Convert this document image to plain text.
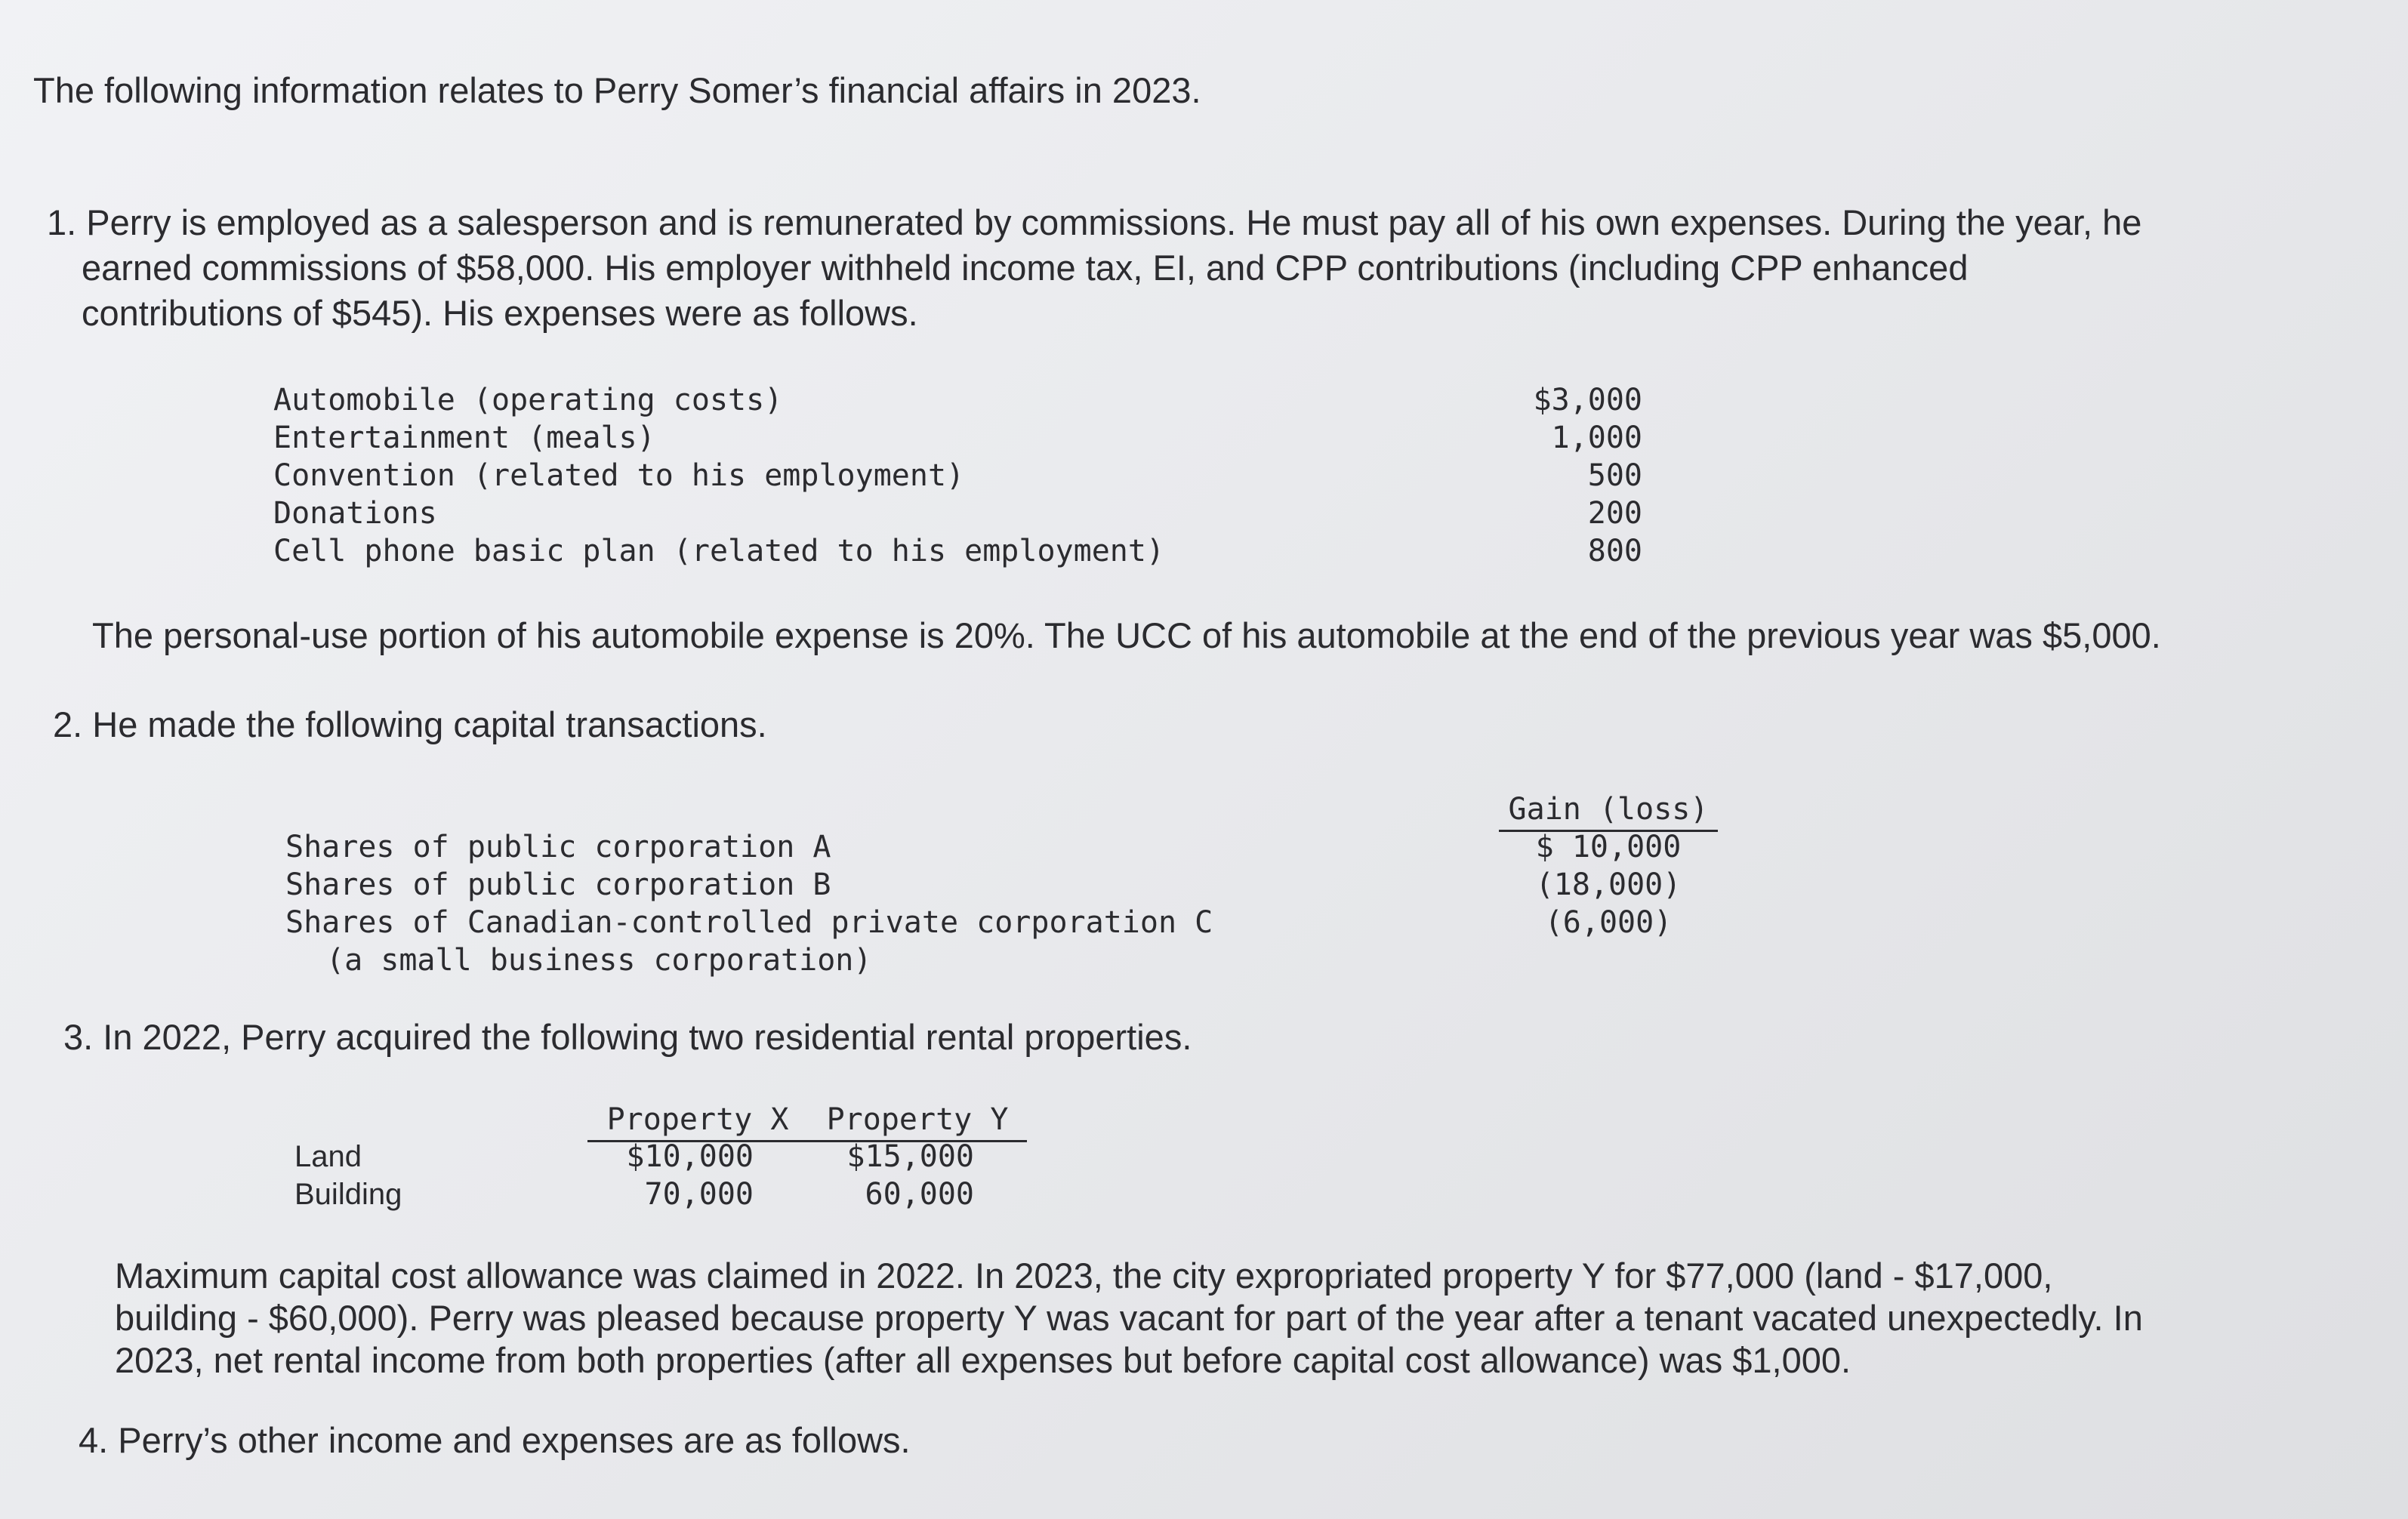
The following information relates to Perry Somer’s financial affairs in 2023.
1. Perry is employed as a salesperson and is remunerated by commissions. He must pay all of his own expenses. During the year, he
earned commissions of $58,000. His employer withheld income tax, EI, and CPP contributions (including CPP enhanced
contributions of $545). His expenses were as follows.
Automobile (operating costs)
Entertainment (meals)
Convention (related to his employment)
Donations
Cell phone basic plan (related to his employment)
$3,000
1,000
500
200
800
The personal-use portion of his automobile expense is 20%. The UCC of his automobile at the end of the previous year was $5,000.
2. He made the following capital transactions.
Gain (loss)
Shares of public corporation A
Shares of public corporation B
Shares of Canadian-controlled private corporation C
(a small business corporation)
$ 10,000
(18,000)
(6,000)
3. In 2022, Perry acquired the following two residential rental properties.
Property X	Property Y
Land
Building
$10,000
70,000
$15,000
60,000
Maximum capital cost allowance was claimed in 2022. In 2023, the city expropriated property Y for $77,000 (land - $17,000,
building - $60,000). Perry was pleased because property Y was vacant for part of the year after a tenant vacated unexpectedly. In
2023, net rental income from both properties (after all expenses but before capital cost allowance) was $1,000.
4. Perry’s other income and expenses are as follows.
